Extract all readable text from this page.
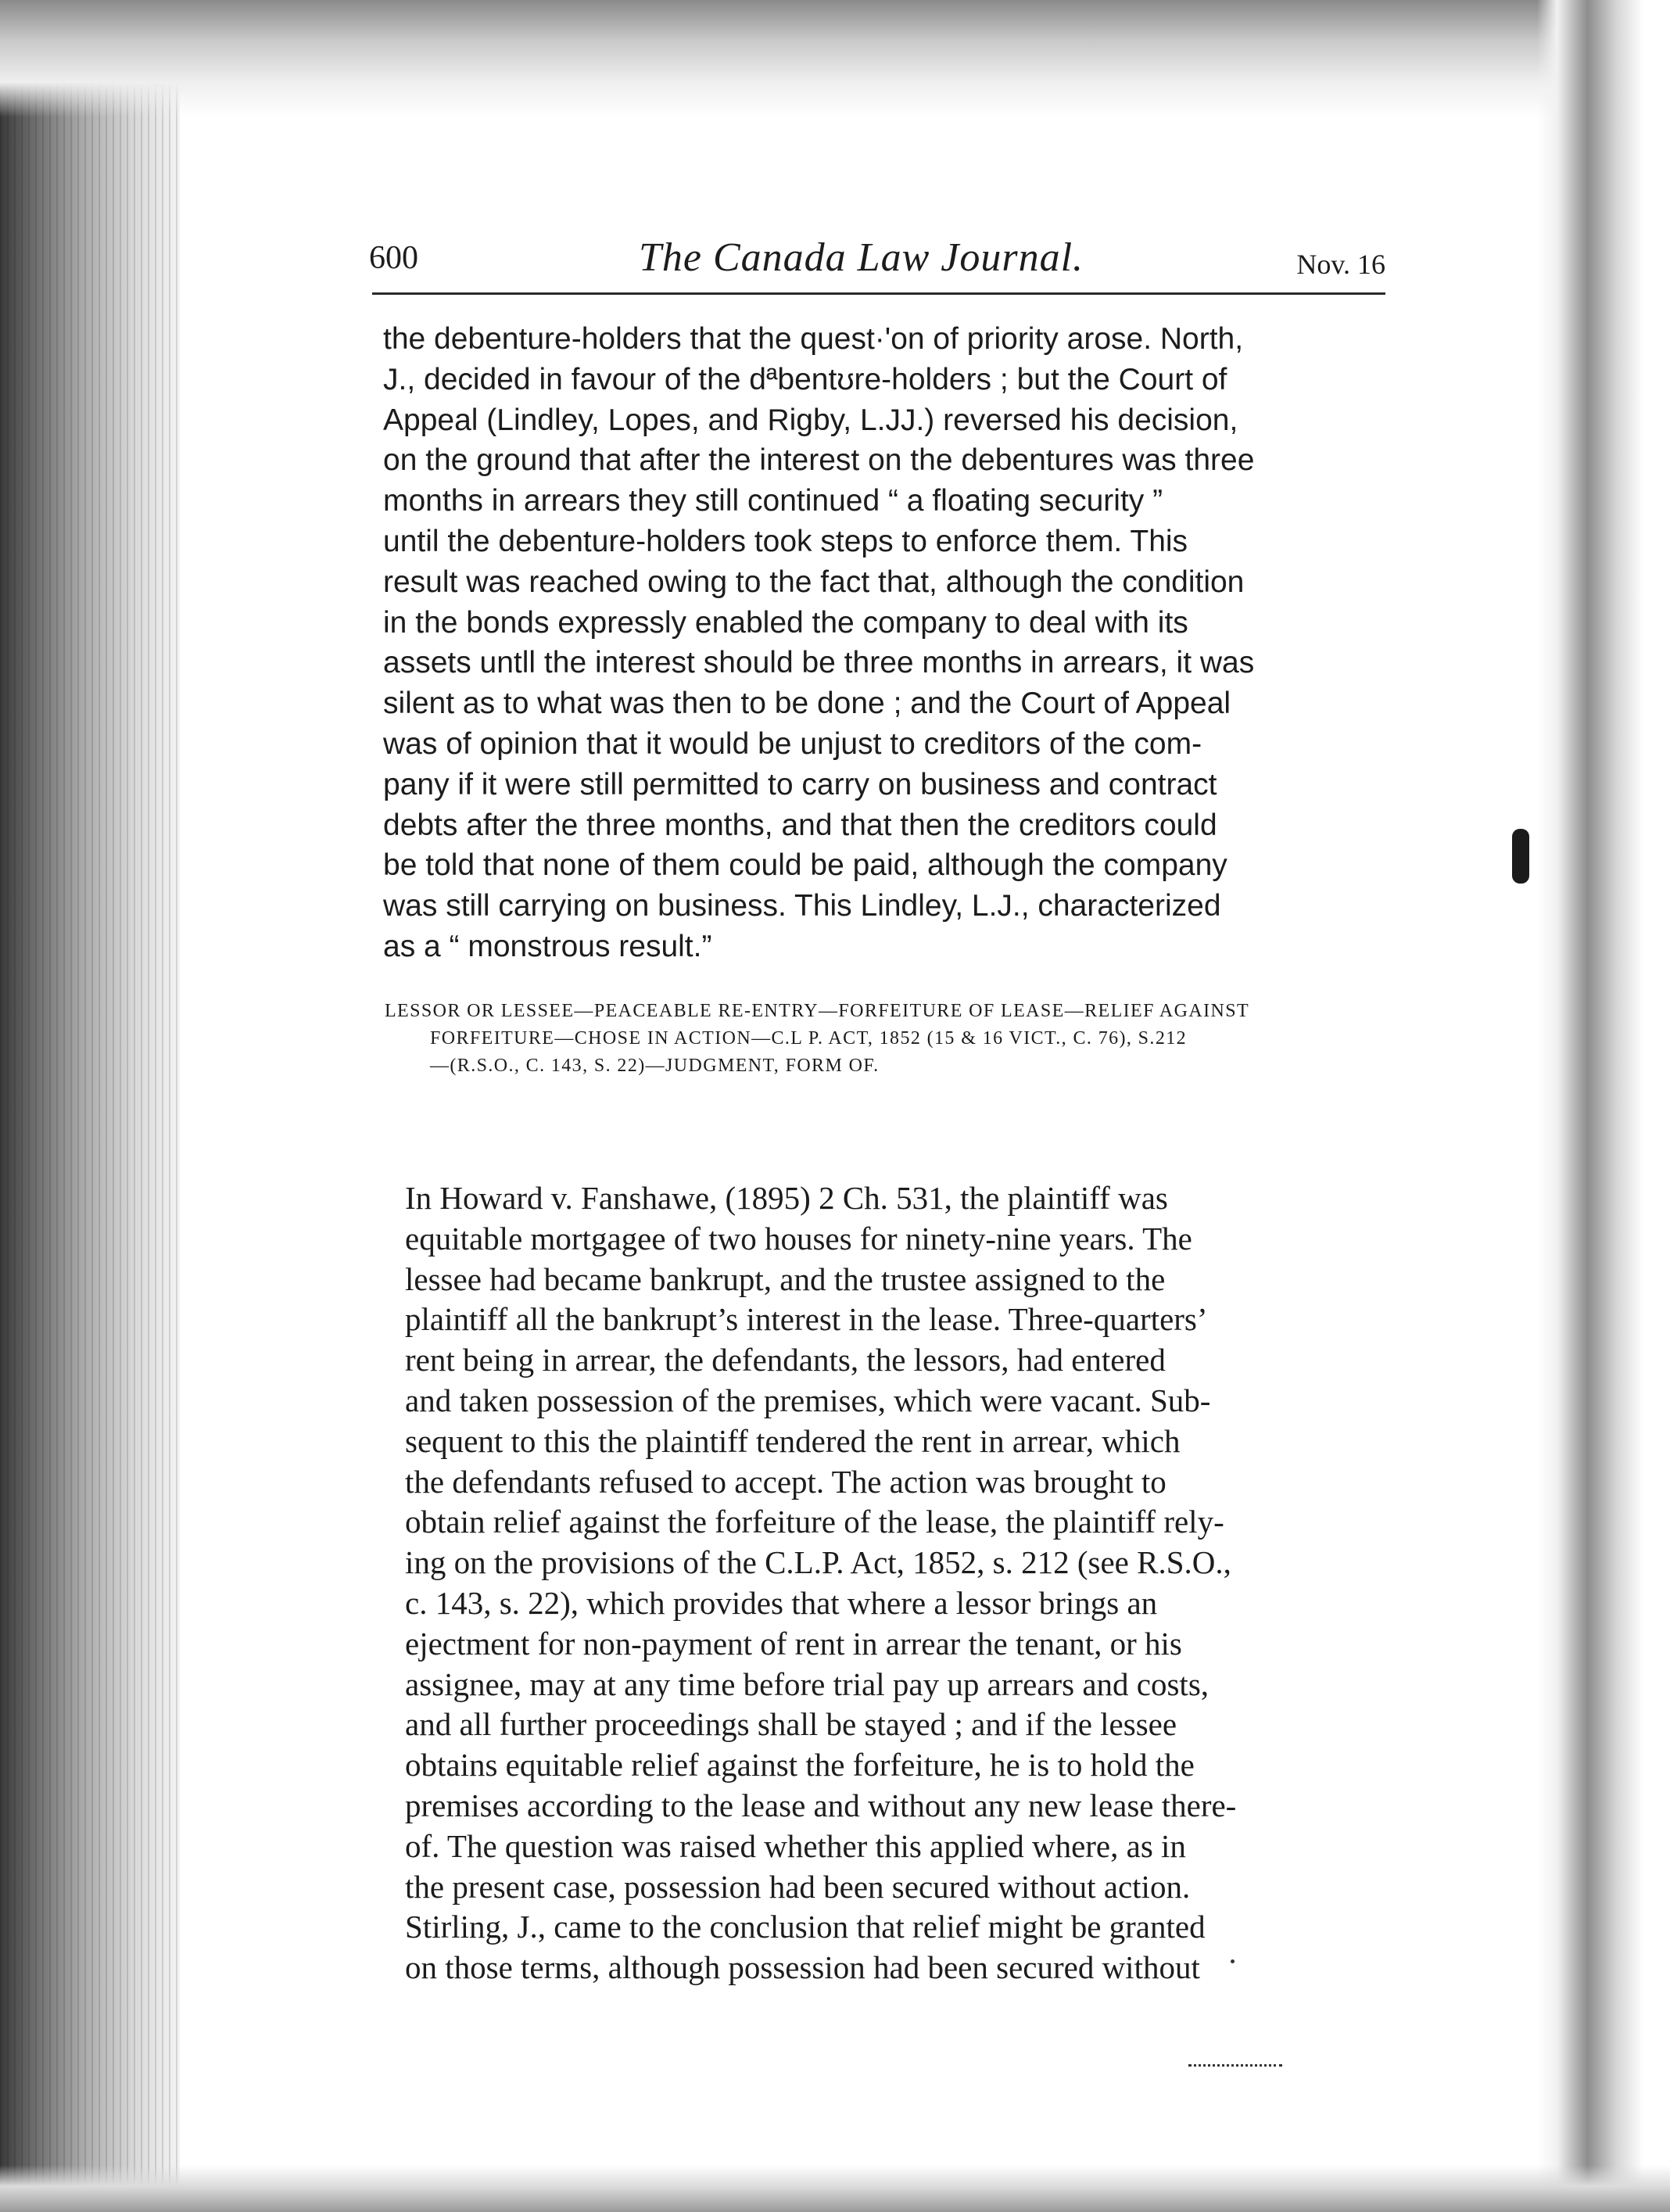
600	The Canada Law Journal.	Nov. 16
the debenture-holders that the quest·'on of priority arose. North,
J., decided in favour of the dªbentʊre-holders ; but the Court of
Appeal (Lindley, Lopes, and Rigby, L.JJ.) reversed his decision,
on the ground that after the interest on the debentures was three
months in arrears they still continued “ a floating security ”
until the debenture-holders took steps to enforce them. This
result was reached owing to the fact that, although the condition
in the bonds expressly enabled the company to deal with its
assets untll the interest should be three months in arrears, it was
silent as to what was then to be done ; and the Court of Appeal
was of opinion that it would be unjust to creditors of the com-
pany if it were still permitted to carry on business and contract
debts after the three months, and that then the creditors could
be told that none of them could be paid, although the company
was still carrying on business. This Lindley, L.J., characterized
as a “ monstrous result.”
LESSOR OR LESSEE—PEACEABLE RE-ENTRY—FORFEITURE OF LEASE—RELIEF AGAINST
FORFEITURE—CHOSE IN ACTION—C.L P. ACT, 1852 (15 & 16 VICT., C. 76), S.212
—(R.S.O., C. 143, S. 22)—JUDGMENT, FORM OF.
In Howard v. Fanshawe, (1895) 2 Ch. 531, the plaintiff was
equitable mortgagee of two houses for ninety-nine years. The
lessee had became bankrupt, and the trustee assigned to the
plaintiff all the bankrupt’s interest in the lease. Three-quarters’
rent being in arrear, the defendants, the lessors, had entered
and taken possession of the premises, which were vacant. Sub-
sequent to this the plaintiff tendered the rent in arrear, which
the defendants refused to accept. The action was brought to
obtain relief against the forfeiture of the lease, the plaintiff rely-
ing on the provisions of the C.L.P. Act, 1852, s. 212 (see R.S.O.,
c. 143, s. 22), which provides that where a lessor brings an
ejectment for non-payment of rent in arrear the tenant, or his
assignee, may at any time before trial pay up arrears and costs,
and all further proceedings shall be stayed ; and if the lessee
obtains equitable relief against the forfeiture, he is to hold the
premises according to the lease and without any new lease there-
of. The question was raised whether this applied where, as in
the present case, possession had been secured without action.
Stirling, J., came to the conclusion that relief might be granted
on those terms, although possession had been secured without
